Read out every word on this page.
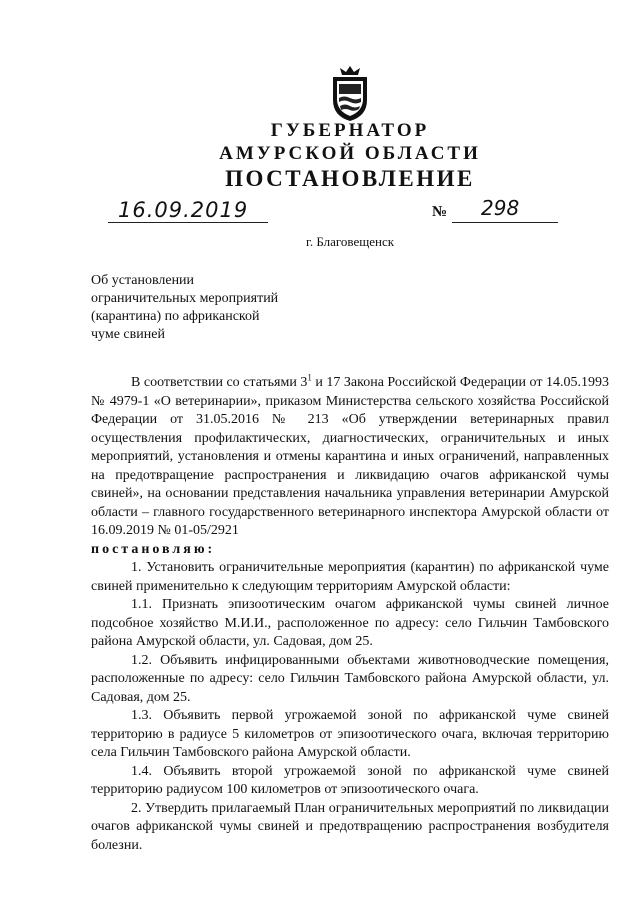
ГУБЕРНАТОР
АМУРСКОЙ ОБЛАСТИ
ПОСТАНОВЛЕНИЕ
16.09.2019	№ 298
г. Благовещенск
Об установлении
ограничительных мероприятий
(карантина) по африканской
чуме свиней

В соответствии со статьями $3^1$ и 17 Закона Российской Федерации от 14.05.1993 № 4979-1 «О ветеринарии», приказом Министерства сельского хозяйства Российской Федерации от 31.05.2016 № 213 «Об утверждении ветеринарных правил осуществления профилактических, диагностических, ограничительных и иных мероприятий, установления и отмены карантина и иных ограничений, направленных на предотвращение распространения и ликвидацию очагов африканской чумы свиней», на основании представления начальника управления ветеринарии Амурской области – главного государственного ветеринарного инспектора Амурской области от 16.09.2019 № 01-05/2921

постановляю:

1. Установить ограничительные мероприятия (карантин) по африканской чуме свиней применительно к следующим территориям Амурской области:

1.1. Признать эпизоотическим очагом африканской чумы свиней личное подсобное хозяйство М.И.И., расположенное по адресу: село Гильчин Тамбовского района Амурской области, ул. Садовая, дом 25.

1.2. Объявить инфицированными объектами животноводческие помещения, расположенные по адресу: село Гильчин Тамбовского района Амурской области, ул. Садовая, дом 25.

1.3. Объявить первой угрожаемой зоной по африканской чуме свиней территорию в радиусе 5 километров от эпизоотического очага, включая территорию села Гильчин Тамбовского района Амурской области.

1.4. Объявить второй угрожаемой зоной по африканской чуме свиней территорию радиусом 100 километров от эпизоотического очага.

2. Утвердить прилагаемый План ограничительных мероприятий по ликвидации очагов африканской чумы свиней и предотвращению распространения возбудителя болезни.
